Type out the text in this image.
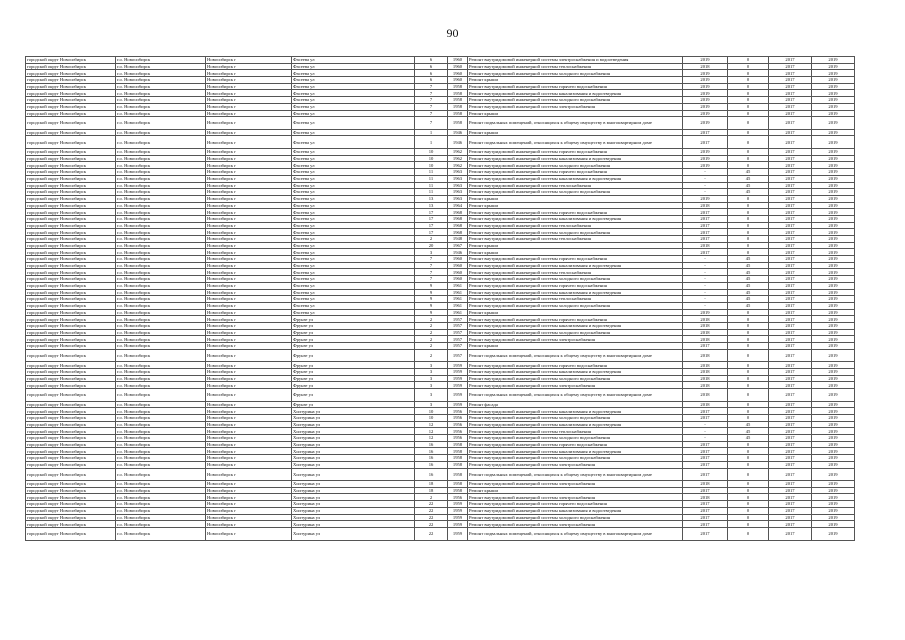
90
городской округ Новосибирск	г.о. Новосибирск	Новосибирск г	Фасеева ул	6	1960	Ремонт внутридомовой инженерной системы электроснабжения и водоотведения	2019	0	2017	2019
городской округ Новосибирск	г.о. Новосибирск	Новосибирск г	Фасеева ул	6	1960	Ремонт внутридомовой инженерной системы теплоснабжения	2018	0	2017	2019
городской округ Новосибирск	г.о. Новосибирск	Новосибирск г	Фасеева ул	6	1960	Ремонт внутридомовой инженерной системы холодного водоснабжения	2019	0	2017	2019
городской округ Новосибирск	г.о. Новосибирск	Новосибирск г	Фасеева ул	6	1960	Ремонт крыши	2019	0	2017	2019
городской округ Новосибирск	г.о. Новосибирск	Новосибирск г	Фасеева ул	7	1958	Ремонт внутридомовой инженерной системы горячего водоснабжения	2019	0	2017	2019
городской округ Новосибирск	г.о. Новосибирск	Новосибирск г	Фасеева ул	7	1958	Ремонт внутридомовой инженерной системы канализования и водоотведения	2019	0	2017	2019
городской округ Новосибирск	г.о. Новосибирск	Новосибирск г	Фасеева ул	7	1958	Ремонт внутридомовой инженерной системы холодного водоснабжения	2019	0	2017	2019
городской округ Новосибирск	г.о. Новосибирск	Новосибирск г	Фасеева ул	7	1958	Ремонт внутридомовой инженерной системы электроснабжения	2019	0	2017	2019
городской округ Новосибирск	г.о. Новосибирск	Новосибирск г	Фасеева ул	7	1958	Ремонт крыши	2019	0	2017	2019
городской округ Новосибирск	г.о. Новосибирск	Новосибирск г	Фасеева ул	7	1958	Ремонт подвальных помещений, относящихся к общему имуществу в многоквартирном доме	2019	0	2017	2019
городской округ Новосибирск	г.о. Новосибирск	Новосибирск г	Фасеева ул	1	1946	Ремонт крыши	2017	0	2017	2019
городской округ Новосибирск	г.о. Новосибирск	Новосибирск г	Фасеева ул	1	1946	Ремонт подвальных помещений, относящихся к общему имуществу в многоквартирном доме	2017	0	2017	2019
городской округ Новосибирск	г.о. Новосибирск	Новосибирск г	Фасеева ул	10	1962	Ремонт внутридомовой инженерной системы горячего водоснабжения	2019	0	2017	2019
городской округ Новосибирск	г.о. Новосибирск	Новосибирск г	Фасеева ул	10	1962	Ремонт внутридомовой инженерной системы канализования и водоотведения	2019	0	2017	2019
городской округ Новосибирск	г.о. Новосибирск	Новосибирск г	Фасеева ул	10	1962	Ремонт внутридомовой инженерной системы холодного водоснабжения	2019	0	2017	2019
городской округ Новосибирск	г.о. Новосибирск	Новосибирск г	Фасеева ул	11	1963	Ремонт внутридомовой инженерной системы горячего водоснабжения	-	45	2017	2019
городской округ Новосибирск	г.о. Новосибирск	Новосибирск г	Фасеева ул	11	1963	Ремонт внутридомовой инженерной системы канализования и водоотведения	-	45	2017	2019
городской округ Новосибирск	г.о. Новосибирск	Новосибирск г	Фасеева ул	11	1963	Ремонт внутридомовой инженерной системы теплоснабжения	-	45	2017	2019
городской округ Новосибирск	г.о. Новосибирск	Новосибирск г	Фасеева ул	11	1963	Ремонт внутридомовой инженерной системы холодного водоснабжения	-	45	2017	2019
городской округ Новосибирск	г.о. Новосибирск	Новосибирск г	Фасеева ул	13	1963	Ремонт крыши	2019	0	2017	2019
городской округ Новосибирск	г.о. Новосибирск	Новосибирск г	Фасеева ул	13	1964	Ремонт крыши	2018	0	2017	2019
городской округ Новосибирск	г.о. Новосибирск	Новосибирск г	Фасеева ул	17	1968	Ремонт внутридомовой инженерной системы горячего водоснабжения	2017	0	2017	2019
городской округ Новосибирск	г.о. Новосибирск	Новосибирск г	Фасеева ул	17	1968	Ремонт внутридомовой инженерной системы канализования и водоотведения	2017	0	2017	2019
городской округ Новосибирск	г.о. Новосибирск	Новосибирск г	Фасеева ул	17	1968	Ремонт внутридомовой инженерной системы теплоснабжения	2017	0	2017	2019
городской округ Новосибирск	г.о. Новосибирск	Новосибирск г	Фасеева ул	17	1968	Ремонт внутридомовой инженерной системы холодного водоснабжения	2017	0	2017	2019
городской округ Новосибирск	г.о. Новосибирск	Новосибирск г	Фасеева ул	2	1948	Ремонт внутридомовой инженерной системы теплоснабжения	2017	0	2017	2019
городской округ Новосибирск	г.о. Новосибирск	Новосибирск г	Фасеева ул	20	1967	Ремонт крыши	2018	0	2017	2019
городской округ Новосибирск	г.о. Новосибирск	Новосибирск г	Фасеева ул	3	1946	Ремонт крыши	2017	0	2017	2019
городской округ Новосибирск	г.о. Новосибирск	Новосибирск г	Фасеева ул	7	1960	Ремонт внутридомовой инженерной системы горячего водоснабжения	-	45	2017	2019
городской округ Новосибирск	г.о. Новосибирск	Новосибирск г	Фасеева ул	7	1960	Ремонт внутридомовой инженерной системы канализования и водоотведения	-	45	2017	2019
городской округ Новосибирск	г.о. Новосибирск	Новосибирск г	Фасеева ул	7	1960	Ремонт внутридомовой инженерной системы теплоснабжения	-	45	2017	2019
городской округ Новосибирск	г.о. Новосибирск	Новосибирск г	Фасеева ул	7	1960	Ремонт внутридомовой инженерной системы холодного водоснабжения	-	45	2017	2019
городской округ Новосибирск	г.о. Новосибирск	Новосибирск г	Фасеева ул	9	1961	Ремонт внутридомовой инженерной системы горячего водоснабжения	-	45	2017	2019
городской округ Новосибирск	г.о. Новосибирск	Новосибирск г	Фасеева ул	9	1961	Ремонт внутридомовой инженерной системы канализования и водоотведения	-	45	2017	2019
городской округ Новосибирск	г.о. Новосибирск	Новосибирск г	Фасеева ул	9	1961	Ремонт внутридомовой инженерной системы теплоснабжения	-	45	2017	2019
городской округ Новосибирск	г.о. Новосибирск	Новосибирск г	Фасеева ул	9	1961	Ремонт внутридомовой инженерной системы холодного водоснабжения	-	45	2017	2019
городской округ Новосибирск	г.о. Новосибирск	Новосибирск г	Фасеева ул	9	1961	Ремонт крыши	2019	0	2017	2019
городской округ Новосибирск	г.о. Новосибирск	Новосибирск г	Фрунзе ул	2	1957	Ремонт внутридомовой инженерной системы горячего водоснабжения	2018	0	2017	2019
городской округ Новосибирск	г.о. Новосибирск	Новосибирск г	Фрунзе ул	2	1957	Ремонт внутридомовой инженерной системы канализования и водоотведения	2018	0	2017	2019
городской округ Новосибирск	г.о. Новосибирск	Новосибирск г	Фрунзе ул	2	1957	Ремонт внутридомовой инженерной системы холодного водоснабжения	2018	0	2017	2019
городской округ Новосибирск	г.о. Новосибирск	Новосибирск г	Фрунзе ул	2	1957	Ремонт внутридомовой инженерной системы электроснабжения	2018	0	2017	2019
городской округ Новосибирск	г.о. Новосибирск	Новосибирск г	Фрунзе ул	2	1957	Ремонт крыши	2017	0	2017	2019
городской округ Новосибирск	г.о. Новосибирск	Новосибирск г	Фрунзе ул	2	1957	Ремонт подвальных помещений, относящихся к общему имуществу в многоквартирном доме	2018	0	2017	2019
городской округ Новосибирск	г.о. Новосибирск	Новосибирск г	Фрунзе ул	3	1959	Ремонт внутридомовой инженерной системы горячего водоснабжения	2018	0	2017	2019
городской округ Новосибирск	г.о. Новосибирск	Новосибирск г	Фрунзе ул	3	1959	Ремонт внутридомовой инженерной системы канализования и водоотведения	2018	0	2017	2019
городской округ Новосибирск	г.о. Новосибирск	Новосибирск г	Фрунзе ул	3	1959	Ремонт внутридомовой инженерной системы холодного водоснабжения	2018	0	2017	2019
городской округ Новосибирск	г.о. Новосибирск	Новосибирск г	Фрунзе ул	3	1959	Ремонт внутридомовой инженерной системы электроснабжения	2018	0	2017	2019
городской округ Новосибирск	г.о. Новосибирск	Новосибирск г	Фрунзе ул	3	1959	Ремонт подвальных помещений, относящихся к общему имуществу в многоквартирном доме	2018	0	2017	2019
городской округ Новосибирск	г.о. Новосибирск	Новосибирск г	Фрунзе ул	3	1959	Ремонт фасада	2018	0	2017	2019
городской округ Новосибирск	г.о. Новосибирск	Новосибирск г	Хилтурина ул	10	1956	Ремонт внутридомовой инженерной системы канализования и водоотведения	2017	0	2017	2019
городской округ Новосибирск	г.о. Новосибирск	Новосибирск г	Хилтурина ул	10	1956	Ремонт внутридомовой инженерной системы холодного водоснабжения	2017	0	2017	2019
городской округ Новосибирск	г.о. Новосибирск	Новосибирск г	Хилтурина ул	12	1956	Ремонт внутридомовой инженерной системы канализования и водоотведения	-	45	2017	2019
городской округ Новосибирск	г.о. Новосибирск	Новосибирск г	Хилтурина ул	12	1956	Ремонт внутридомовой инженерной системы теплоснабжения	-	45	2017	2019
городской округ Новосибирск	г.о. Новосибирск	Новосибирск г	Хилтурина ул	12	1956	Ремонт внутридомовой инженерной системы холодного водоснабжения	-	45	2017	2019
городской округ Новосибирск	г.о. Новосибирск	Новосибирск г	Хилтурина ул	16	1958	Ремонт внутридомовой инженерной системы горячего водоснабжения	2017	0	2017	2019
городской округ Новосибирск	г.о. Новосибирск	Новосибирск г	Хилтурина ул	16	1958	Ремонт внутридомовой инженерной системы канализования и водоотведения	2017	0	2017	2019
городской округ Новосибирск	г.о. Новосибирск	Новосибирск г	Хилтурина ул	16	1958	Ремонт внутридомовой инженерной системы холодного водоснабжения	2017	0	2017	2019
городской округ Новосибирск	г.о. Новосибирск	Новосибирск г	Хилтурина ул	16	1958	Ремонт внутридомовой инженерной системы электроснабжения	2017	0	2017	2019
городской округ Новосибирск	г.о. Новосибирск	Новосибирск г	Хилтурина ул	16	1958	Ремонт подвальных помещений, относящихся к общему имуществу в многоквартирном доме	2017	0	2017	2019
городской округ Новосибирск	г.о. Новосибирск	Новосибирск г	Хилтурина ул	18	1958	Ремонт внутридомовой инженерной системы электроснабжения	2018	0	2017	2019
городской округ Новосибирск	г.о. Новосибирск	Новосибирск г	Хилтурина ул	18	1958	Ремонт крыши	2017	0	2017	2019
городской округ Новосибирск	г.о. Новосибирск	Новосибирск г	Хилтурина ул	2	1956	Ремонт внутридомовой инженерной системы электроснабжения	2018	0	2017	2019
городской округ Новосибирск	г.о. Новосибирск	Новосибирск г	Хилтурина ул	22	1959	Ремонт внутридомовой инженерной системы горячего водоснабжения	2017	0	2017	2019
городской округ Новосибирск	г.о. Новосибирск	Новосибирск г	Хилтурина ул	22	1959	Ремонт внутридомовой инженерной системы канализования и водоотведения	2017	0	2017	2019
городской округ Новосибирск	г.о. Новосибирск	Новосибирск г	Хилтурина ул	22	1959	Ремонт внутридомовой инженерной системы холодного водоснабжения	2017	0	2017	2019
городской округ Новосибирск	г.о. Новосибирск	Новосибирск г	Хилтурина ул	22	1959	Ремонт внутридомовой инженерной системы электроснабжения	2017	0	2017	2019
городской округ Новосибирск	г.о. Новосибирск	Новосибирск г	Хилтурина ул	22	1959	Ремонт подвальных помещений, относящихся к общему имуществу в многоквартирном доме	2017	0	2017	2019
